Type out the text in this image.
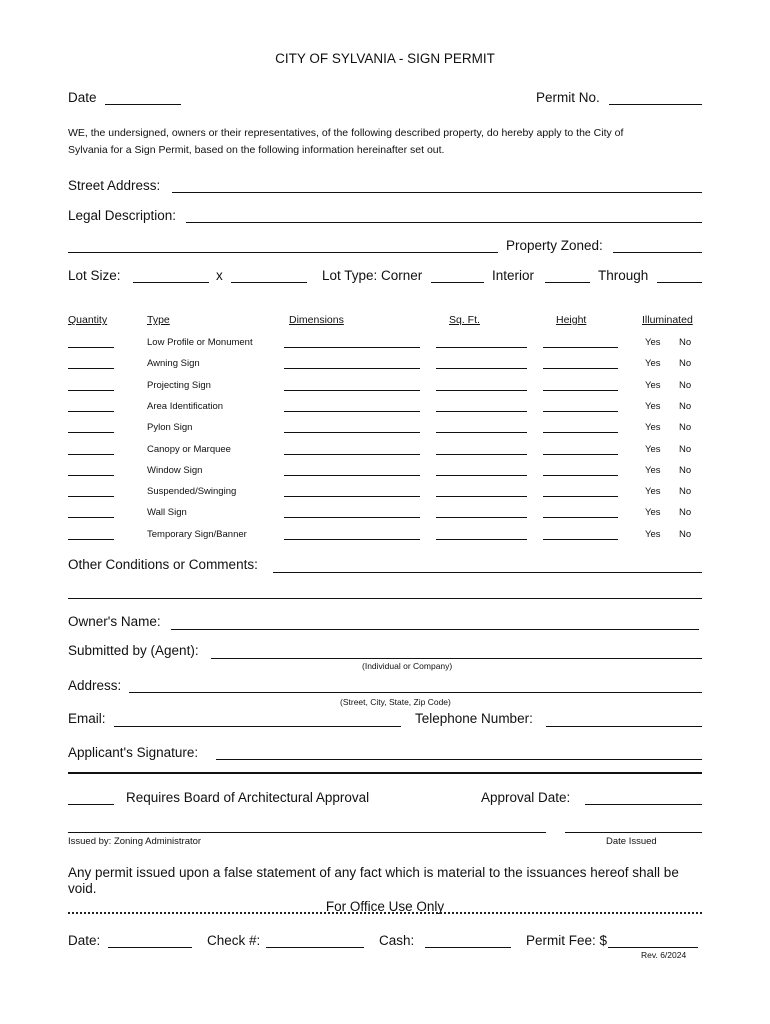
CITY OF SYLVANIA - SIGN PERMIT
Date	Permit No.
WE, the undersigned, owners or their representatives, of the following described property, do hereby apply to the City of
Sylvania for a Sign Permit, based on the following information hereinafter set out.
Street Address:
Legal Description:
Property Zoned:
Lot Size:	x	Lot Type: Corner	Interior	Through
Quantity	Type	Dimensions	Sq. Ft.	Height	Illuminated
Low Profile or Monument	Yes No
Awning Sign	Yes No
Projecting Sign	Yes No
Area Identification	Yes No
Pylon Sign	Yes No
Canopy or Marquee	Yes No
Window Sign	Yes No
Suspended/Swinging	Yes No
Wall Sign	Yes No
Temporary Sign/Banner	Yes No
Other Conditions or Comments:
Owner's Name:
Submitted by (Agent):
(Individual or Company)
Address:
(Street, City, State, Zip Code)
Email:	Telephone Number:
Applicant's Signature:
Requires Board of Architectural Approval	Approval Date:
Issued by: Zoning Administrator	Date Issued
Any permit issued upon a false statement of any fact which is material to the issuances hereof shall be
void.
For Office Use Only
Date:	Check #:	Cash:	Permit Fee: $
Rev. 6/2024
